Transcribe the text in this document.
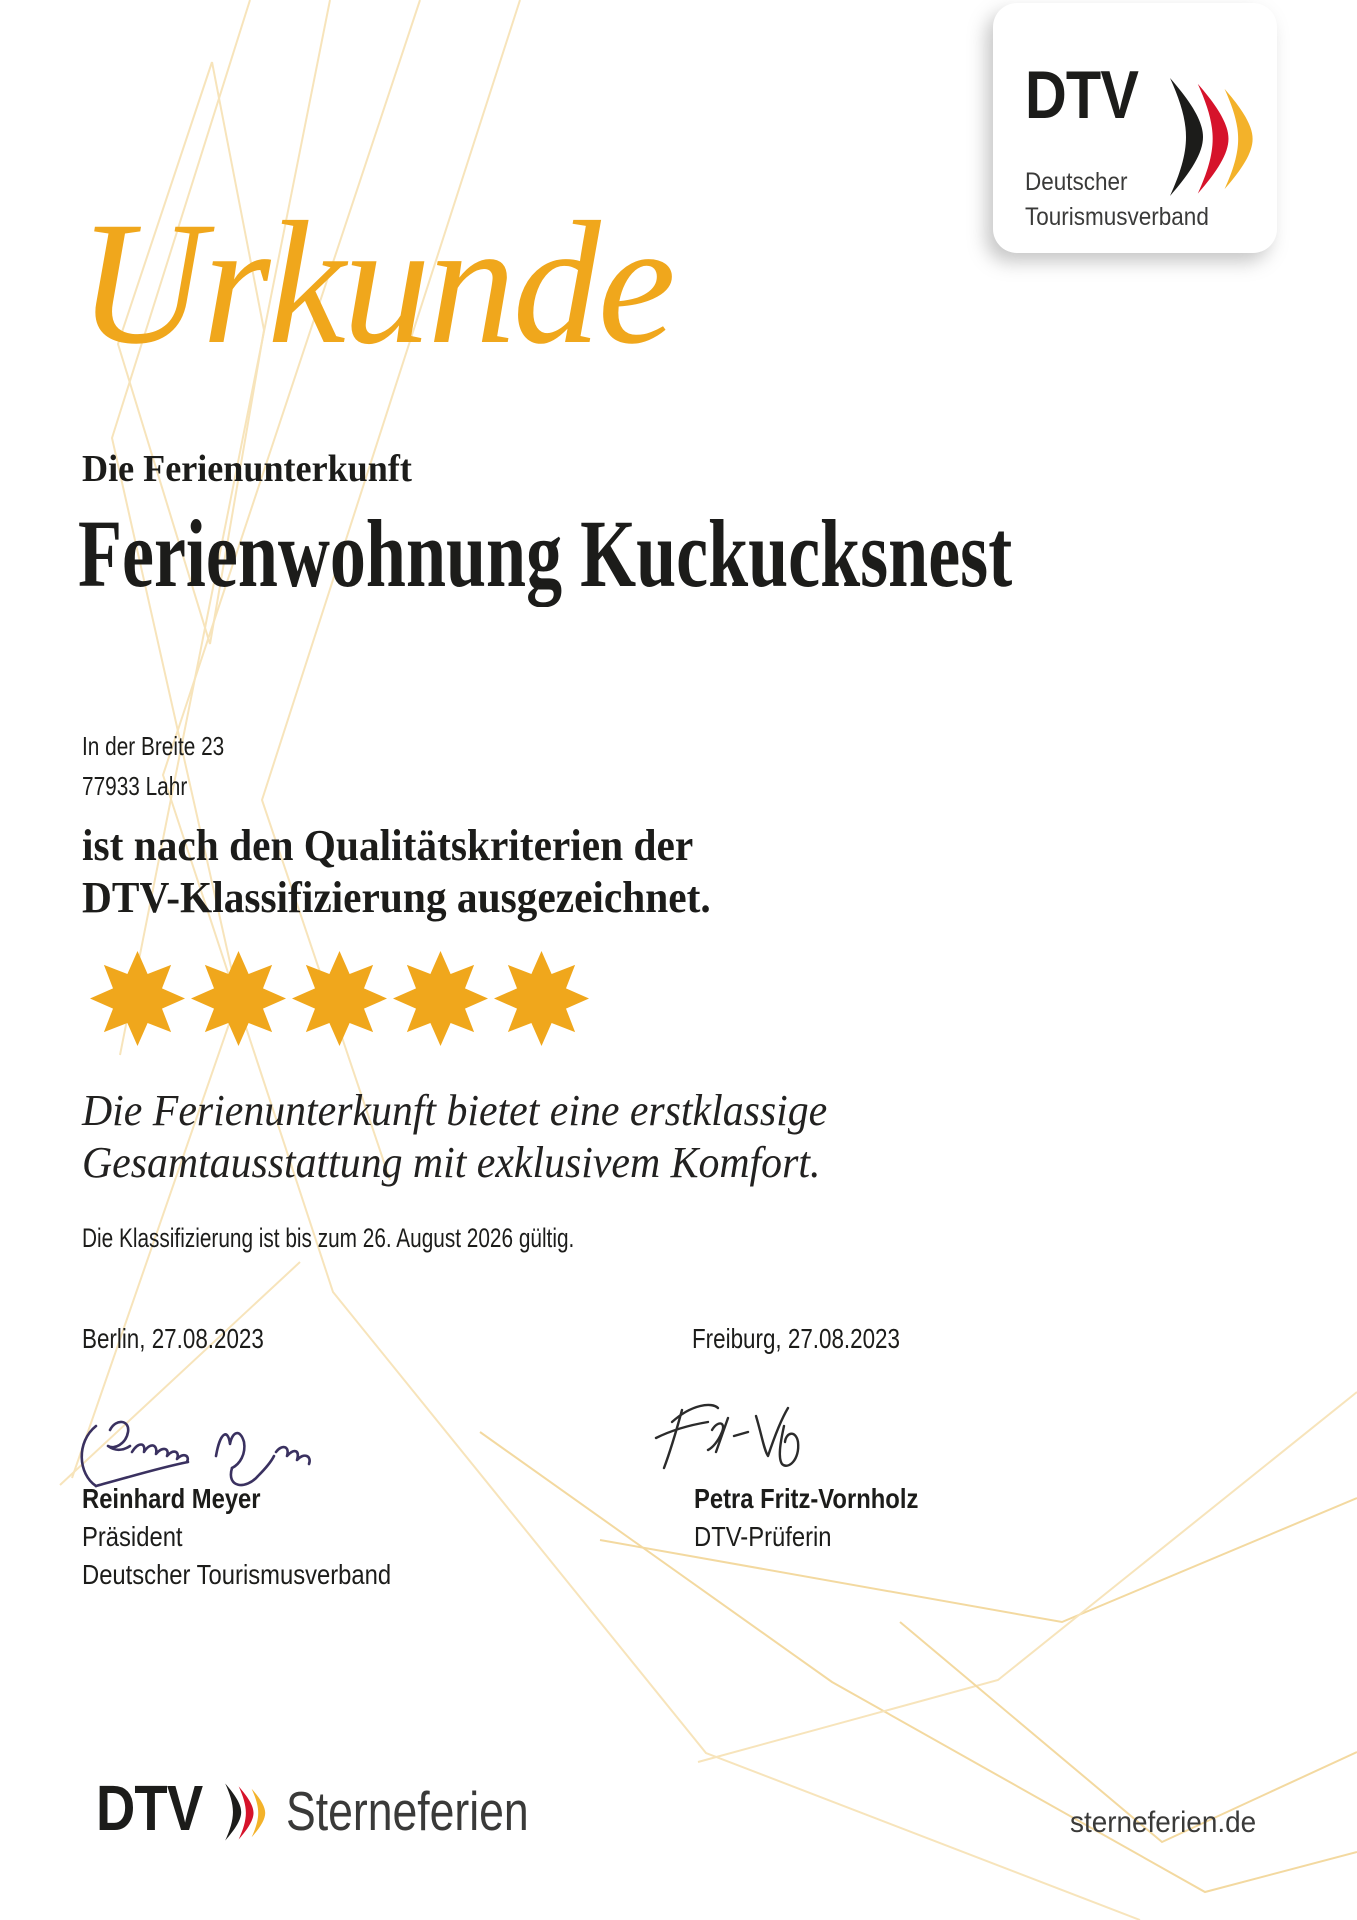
DTV
Deutscher
Tourismusverband
Urkunde
Die Ferienunterkunft
Ferienwohnung Kuckucksnest
In der Breite 23
77933 Lahr
ist nach den Qualitätskriterien der
DTV-Klassifizierung ausgezeichnet.
Die Ferienunterkunft bietet eine erstklassige
Gesamtausstattung mit exklusivem Komfort.
Die Klassifizierung ist bis zum 26. August 2026 gültig.
Berlin, 27.08.2023	Freiburg, 27.08.2023
Reinhard Meyer
Präsident
Deutscher Tourismusverband
Petra Fritz-Vornholz
DTV-Prüferin
DTV Sterneferien	sterneferien.de
